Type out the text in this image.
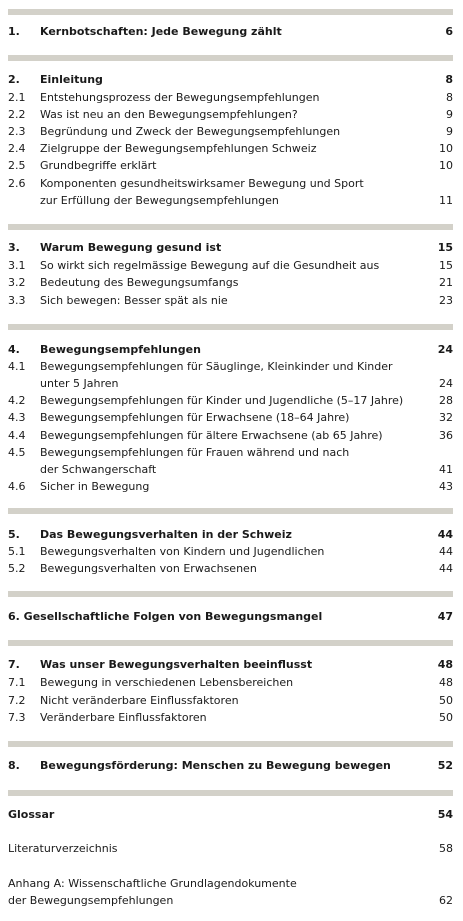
1. Kernbotschaften: Jede Bewegung zählt	6
2. Einleitung	8
2.1 Entstehungsprozess der Bewegungsempfehlungen	8
2.2 Was ist neu an den Bewegungsempfehlungen?	9
2.3 Begründung und Zweck der Bewegungsempfehlungen	9
2.4 Zielgruppe der Bewegungsempfehlungen Schweiz	10
2.5 Grundbegriffe erklärt	10
2.6 Komponenten gesundheitswirksamer Bewegung und Sport
zur Erfüllung der Bewegungsempfehlungen	11
3. Warum Bewegung gesund ist	15
3.1 So wirkt sich regelmässige Bewegung auf die Gesundheit aus	15
3.2 Bedeutung des Bewegungsumfangs	21
3.3 Sich bewegen: Besser spät als nie	23
4. Bewegungsempfehlungen	24
4.1 Bewegungsempfehlungen für Säuglinge, Kleinkinder und Kinder
unter 5 Jahren	24
4.2 Bewegungsempfehlungen für Kinder und Jugendliche (5–17 Jahre)	28
4.3 Bewegungsempfehlungen für Erwachsene (18–64 Jahre)	32
4.4 Bewegungsempfehlungen für ältere Erwachsene (ab 65 Jahre)	36
4.5 Bewegungsempfehlungen für Frauen während und nach
der Schwangerschaft	41
4.6 Sicher in Bewegung	43
5. Das Bewegungsverhalten in der Schweiz	44
5.1 Bewegungsverhalten von Kindern und Jugendlichen	44
5.2 Bewegungsverhalten von Erwachsenen	44
6. Gesellschaftliche Folgen von Bewegungsmangel	47
7. Was unser Bewegungsverhalten beeinflusst	48
7.1 Bewegung in verschiedenen Lebensbereichen	48
7.2 Nicht veränderbare Einflussfaktoren	50
7.3 Veränderbare Einflussfaktoren	50
8. Bewegungsförderung: Menschen zu Bewegung bewegen	52
Glossar	54
Literaturverzeichnis	58
Anhang A: Wissenschaftliche Grundlagendokumente
der Bewegungsempfehlungen	62
